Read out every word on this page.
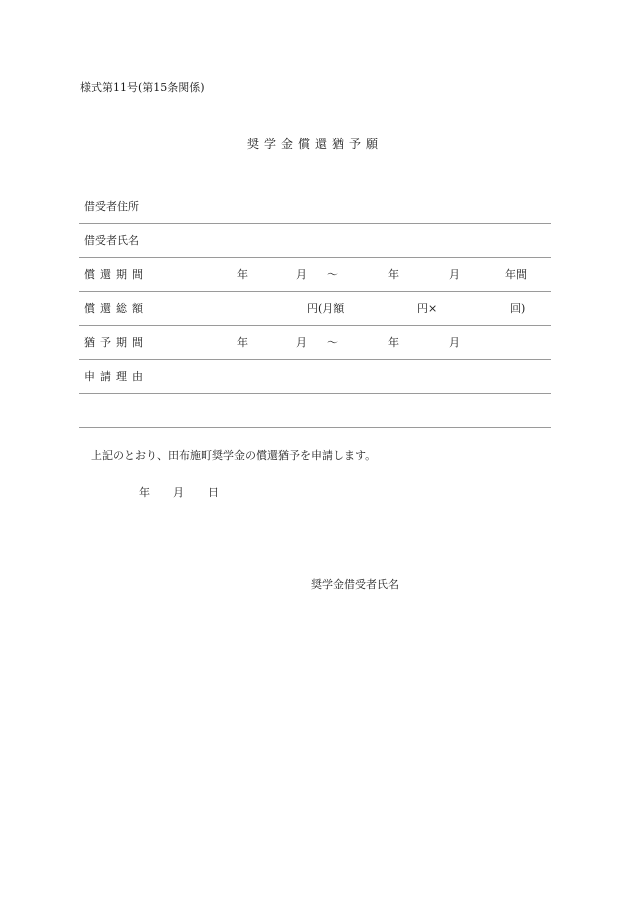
様式第11号(第15条関係)
奨学金償還猶予願
借受者住所
借受者氏名
償還期間	年	月 ～	年	月	年間
償還総額	円(月額	円×	回)
猶予期間	年	月 ～	年	月
申請理由
上記のとおり、田布施町奨学金の償還猶予を申請します。
年 月 日
奨学金借受者氏名
